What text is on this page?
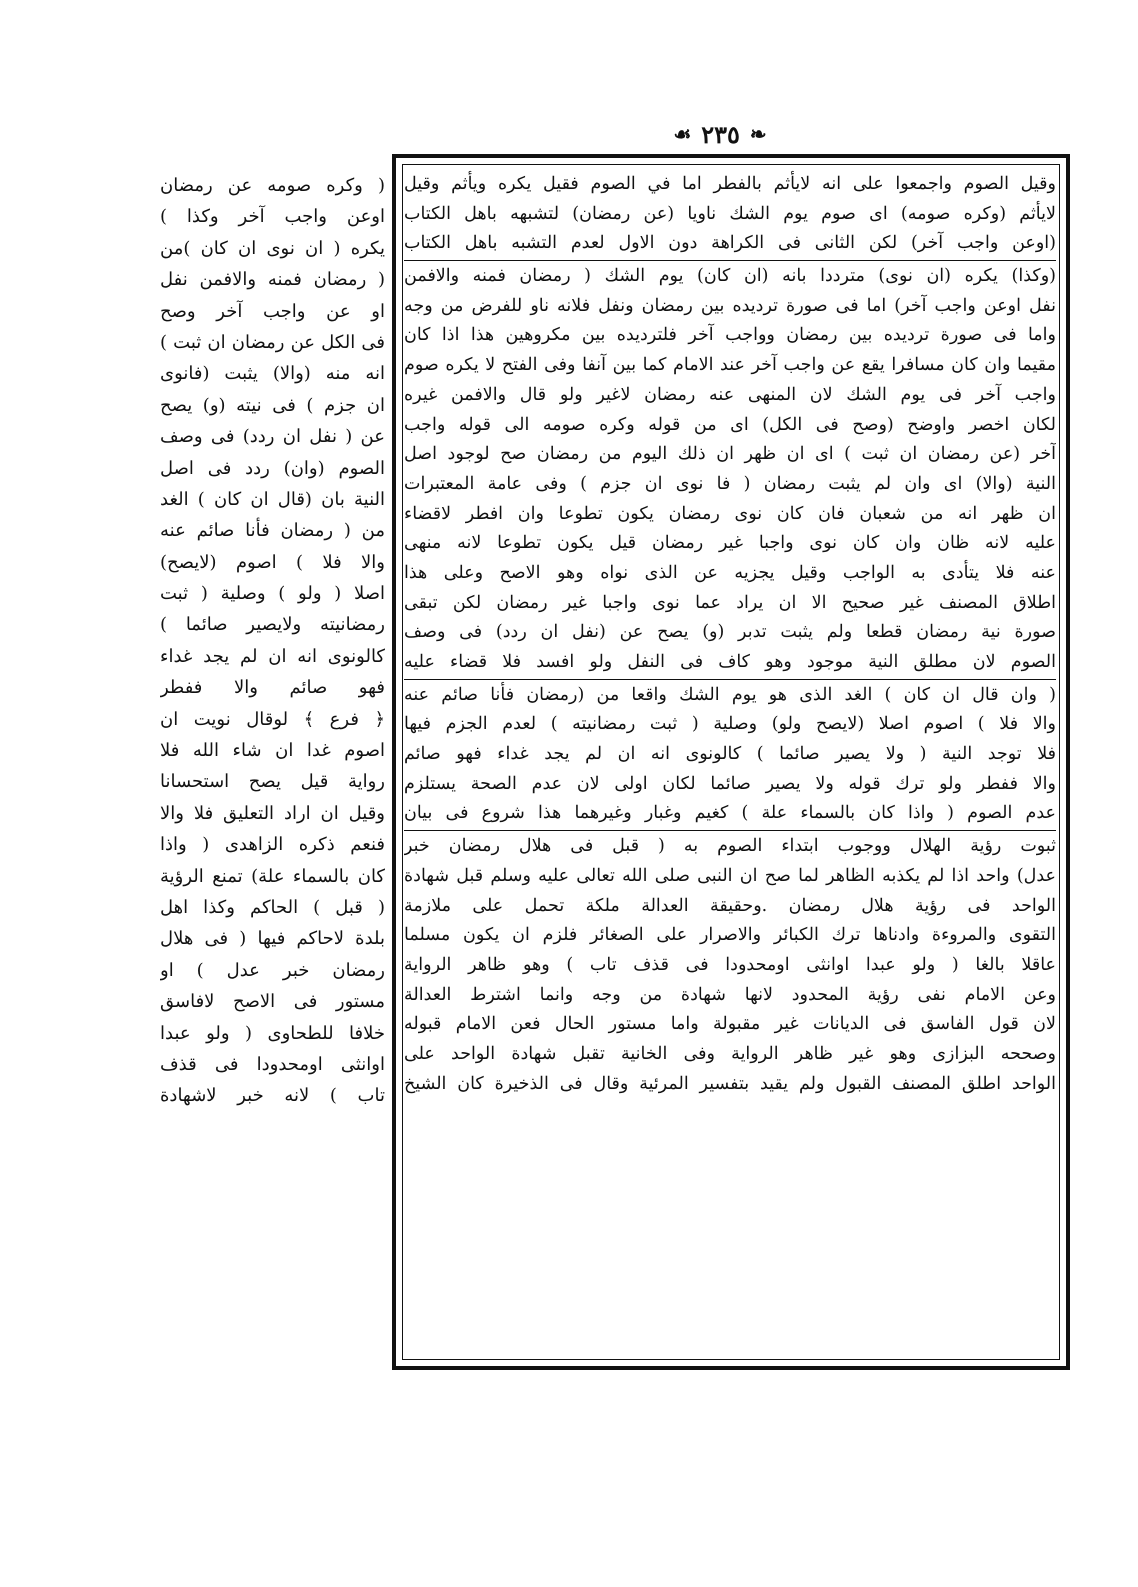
❧
٢٣٥
☙
وقيل الصوم واجمعوا على انه لايأثم بالفطر اما في الصوم فقيل يكره ويأثم وقيل
لايأثم (وكره صومه) اى صوم يوم الشك ناويا (عن رمضان) لتشبهه باهل الكتاب
(اوعن واجب آخر) لكن الثانى فى الكراهة دون الاول لعدم التشبه باهل الكتاب
(وكذا) يكره (ان نوى) مترددا بانه (ان كان) يوم الشك ( رمضان فمنه والافمن
نفل اوعن واجب آخر) اما فى صورة ترديده بين رمضان ونفل فلانه ناو للفرض من وجه
واما فى صورة ترديده بين رمضان وواجب آخر فلترديده بين مكروهين هذا اذا كان
مقيما وان كان مسافرا يقع عن واجب آخر عند الامام كما بين آنفا وفى الفتح لا يكره صوم
واجب آخر فى يوم الشك لان المنهى عنه رمضان لاغير ولو قال والافمن غيره
لكان اخصر واوضح (وصح فى الكل) اى من قوله وكره صومه الى قوله واجب
آخر (عن رمضان ان ثبت ) اى ان ظهر ان ذلك اليوم من رمضان صح لوجود اصل
النية (والا) اى وان لم يثبت رمضان ( فا نوى ان جزم ) وفى عامة المعتبرات
ان ظهر انه من شعبان فان كان نوى رمضان يكون تطوعا وان افطر لاقضاء
عليه لانه ظان وان كان نوى واجبا غير رمضان قيل يكون تطوعا لانه منهى
عنه فلا يتأدى به الواجب وقيل يجزيه عن الذى نواه وهو الاصح وعلى هذا
اطلاق المصنف غير صحيح الا ان يراد عما نوى واجبا غير رمضان لكن تبقى
صورة نية رمضان قطعا ولم يثبت تدبر (و) يصح عن (نفل ان ردد) فى وصف
الصوم لان مطلق النية موجود وهو كاف فى النفل ولو افسد فلا قضاء عليه
( وان قال ان كان ) الغد الذى هو يوم الشك واقعا من (رمضان فأنا صائم عنه
والا فلا ) اصوم اصلا (لايصح ولو) وصلية ( ثبت رمضانيته ) لعدم الجزم فيها
فلا توجد النية ( ولا يصير صائما ) كالونوى انه ان لم يجد غداء فهو صائم
والا ففطر ولو ترك قوله ولا يصير صائما لكان اولى لان عدم الصحة يستلزم
عدم الصوم ( واذا كان بالسماء علة ) كغيم وغبار وغيرهما هذا شروع فى بيان
ثبوت رؤية الهلال ووجوب ابتداء الصوم به ( قبل فى هلال رمضان خبر
عدل) واحد اذا لم يكذبه الظاهر لما صح ان النبى صلى الله تعالى عليه وسلم قبل شهادة
الواحد فى رؤية هلال رمضان .وحقيقة العدالة ملكة تحمل على ملازمة
التقوى والمروءة وادناها ترك الكبائر والاصرار على الصغائر فلزم ان يكون مسلما
عاقلا بالغا ( ولو عبدا اوانثى اومحدودا فى قذف تاب ) وهو ظاهر الرواية
وعن الامام نفى رؤية المحدود لانها شهادة من وجه وانما اشترط العدالة
لان قول الفاسق فى الديانات غير مقبولة واما مستور الحال فعن الامام قبوله
وصححه البزازى وهو غير ظاهر الرواية وفى الخانية تقبل شهادة الواحد على
الواحد اطلق المصنف القبول ولم يقيد بتفسير المرئية وقال فى الذخيرة كان الشيخ
( وكره صومه عن رمضان
اوعن واجب آخر وكذا )
يكره ( ان نوى ان كان )من
( رمضان فمنه والافمن نفل
او عن واجب آخر وصح
فى الكل عن رمضان ان ثبت )
انه منه (والا) يثبت (فانوى
ان جزم ) فى نيته (و) يصح
عن ( نفل ان ردد) فى وصف
الصوم (وان) ردد فى اصل
النية بان (قال ان كان ) الغد
من ( رمضان فأنا صائم عنه
والا فلا ) اصوم (لايصح)
اصلا ( ولو ) وصلية ( ثبت
رمضانيته ولايصير صائما )
كالونوى انه ان لم يجد غداء
فهو صائم والا ففطر
﴿ فرع ﴾ لوقال نويت ان
اصوم غدا ان شاء الله فلا
رواية قيل يصح استحسانا
وقيل ان اراد التعليق فلا والا
فنعم ذكره الزاهدى ( واذا
كان بالسماء علة) تمنع الرؤية
( قبل ) الحاكم وكذا اهل
بلدة لاحاكم فيها ( فى هلال
رمضان خبر عدل ) او
مستور فى الاصح لافاسق
خلافا للطحاوى ( ولو عبدا
اوانثى اومحدودا فى قذف
تاب ) لانه خبر لاشهادة
